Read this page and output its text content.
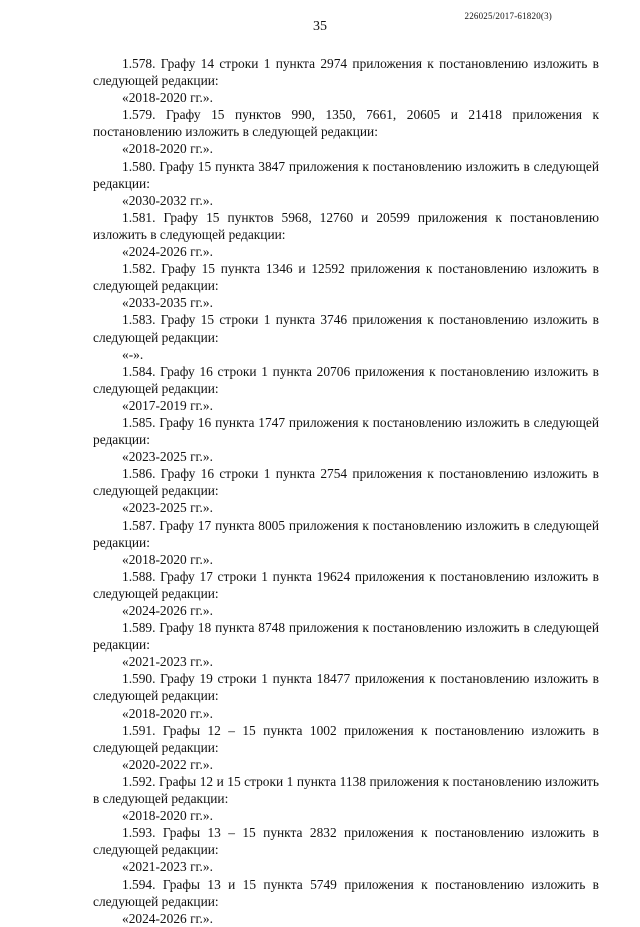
35
226025/2017-61820(3)

1.578. Графу 14 строки 1 пункта 2974 приложения к постановлению изложить в следующей редакции:

«2018-2020 гг.».

1.579. Графу 15 пунктов 990, 1350, 7661, 20605 и 21418 приложения к постановлению изложить в следующей редакции:

«2018-2020 гг.».

1.580. Графу 15 пункта 3847 приложения к постановлению изложить в следующей редакции:

«2030-2032 гг.».

1.581. Графу 15 пунктов 5968, 12760 и 20599 приложения к постановлению изложить в следующей редакции:

«2024-2026 гг.».

1.582. Графу 15 пункта 1346 и 12592 приложения к постановлению изложить в следующей редакции:

«2033-2035 гг.».

1.583. Графу 15 строки 1 пункта 3746 приложения к постановлению изложить в следующей редакции:

«-».

1.584. Графу 16 строки 1 пункта 20706 приложения к постановлению изложить в следующей редакции:

«2017-2019 гг.».

1.585. Графу 16 пункта 1747 приложения к постановлению изложить в следующей редакции:

«2023-2025 гг.».

1.586. Графу 16 строки 1 пункта 2754 приложения к постановлению изложить в следующей редакции:

«2023-2025 гг.».

1.587. Графу 17 пункта 8005 приложения к постановлению изложить в следующей редакции:

«2018-2020 гг.».

1.588. Графу 17 строки 1 пункта 19624 приложения к постановлению изложить в следующей редакции:

«2024-2026 гг.».

1.589. Графу 18 пункта 8748 приложения к постановлению изложить в следующей редакции:

«2021-2023 гг.».

1.590. Графу 19 строки 1 пункта 18477 приложения к постановлению изложить в следующей редакции:

«2018-2020 гг.».

1.591. Графы 12 – 15 пункта 1002 приложения к постановлению изложить в следующей редакции:

«2020-2022 гг.».

1.592. Графы 12 и 15 строки 1 пункта 1138 приложения к постановлению изложить в следующей редакции:

«2018-2020 гг.».

1.593. Графы 13 – 15 пункта 2832 приложения к постановлению изложить в следующей редакции:

«2021-2023 гг.».

1.594. Графы 13 и 15 пункта 5749 приложения к постановлению изложить в следующей редакции:

«2024-2026 гг.».
